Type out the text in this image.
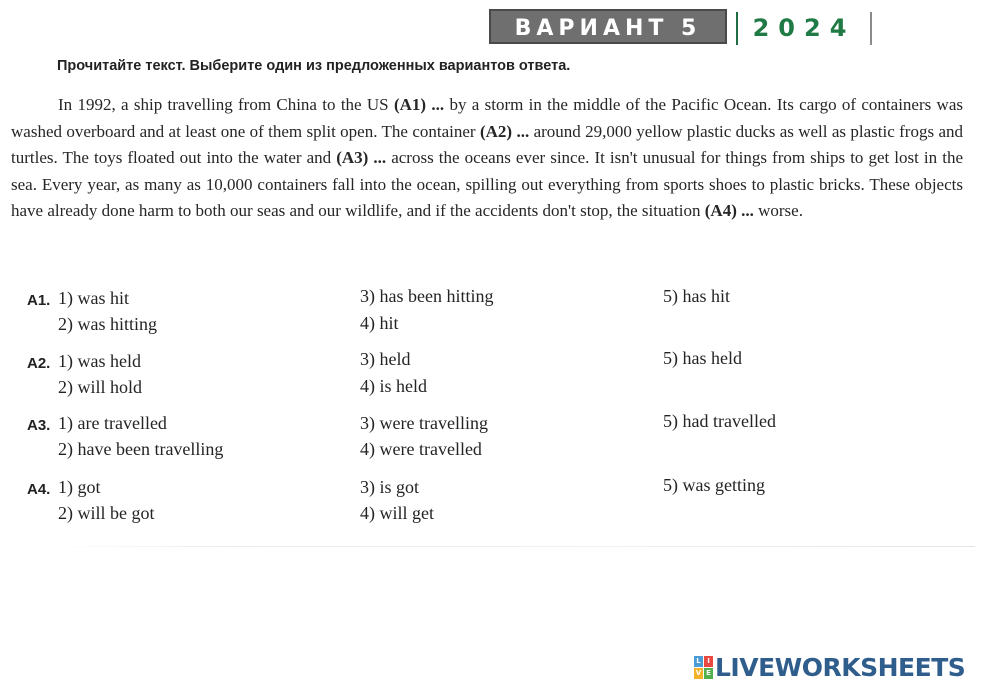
ВАРИАНТ 5	2024
Прочитайте текст. Выберите один из предложенных вариантов ответа.

In 1992, a ship travelling from China to the US (A1) ... by a storm in the middle of the Pacific Ocean. Its cargo of containers was washed overboard and at least one of them split open. The container (A2) ... around 29,000 yellow plastic ducks as well as plastic frogs and turtles. The toys floated out into the water and (A3) ... across the oceans ever since. It isn't unusual for things from ships to get lost in the sea. Every year, as many as 10,000 containers fall into the ocean, spilling out everything from sports shoes to plastic bricks. These objects have already done harm to both our seas and our wildlife, and if the accidents don't stop, the situation (A4) ... worse.

A1. 1) was hit
2) was hitting
3) has been hitting
4) hit
5) has hit
A2. 1) was held
2) will hold
3) held
4) is held
5) has held
A3. 1) are travelled
2) have been travelling
3) were travelling
4) were travelled
5) had travelled
A4. 1) got
2) will be got
3) is got
4) will get
5) was getting
L I
V E LIVEWORKSHEETS
